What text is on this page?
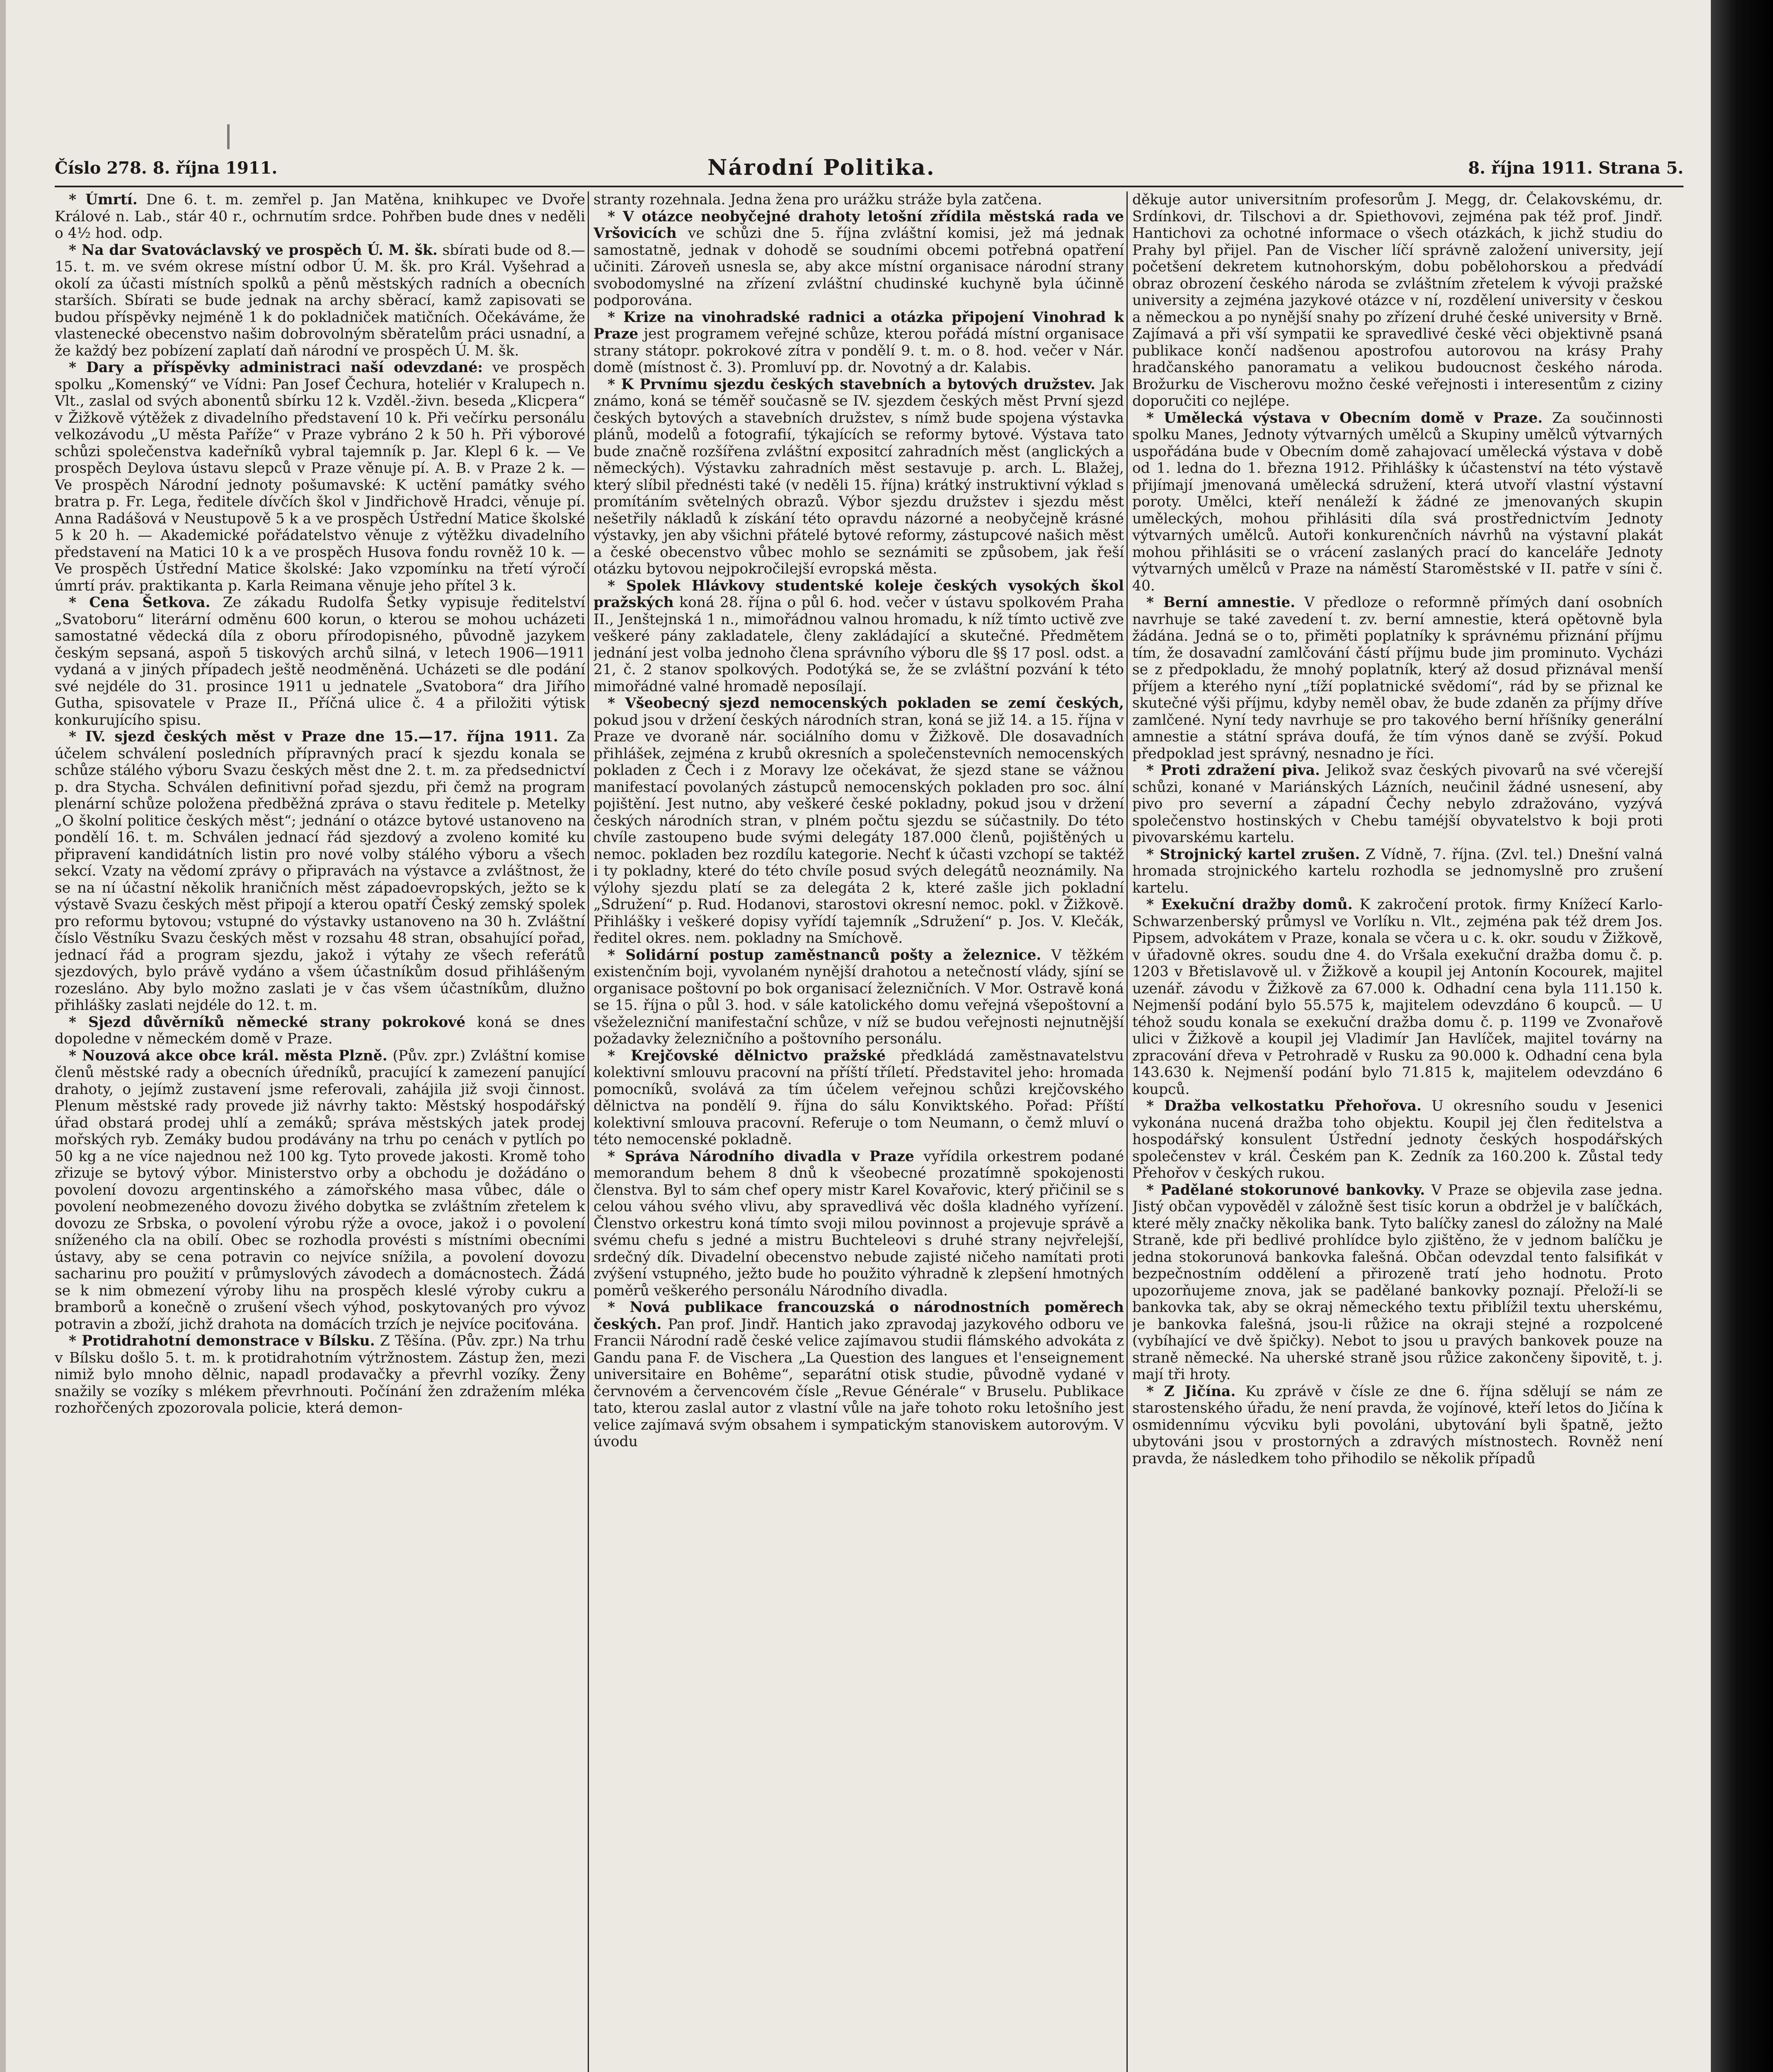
Číslo 278. 8. října 1911.	Národní Politika.	8. října 1911. Strana 5.

* Úmrtí. Dne 6. t. m. zemřel p. Jan Matěna, knihkupec ve Dvoře Králové n. Lab., stár 40 r., ochrnutím srdce. Pohřben bude dnes v neděli o 4½ hod. odp.

* Na dar Svatováclavský ve prospěch Ú. M. šk. sbírati bude od 8.—15. t. m. ve svém okrese místní odbor Ú. M. šk. pro Král. Vyšehrad a okolí za účasti místních spolků a pěnů městských radních a obecních starších. Sbírati se bude jednak na archy sběrací, kamž zapisovati se budou příspěvky nejméně 1 k do pokladniček matičních. Očekáváme, že vlastenecké obecenstvo našim dobrovolným sběratelům práci usnadní, a že každý bez pobízení zaplatí daň národní ve prospěch Ú. M. šk.

* Dary a příspěvky administraci naší odevzdané: ve prospěch spolku „Komenský“ ve Vídni: Pan Josef Čechura, hoteliér v Kralupech n. Vlt., zaslal od svých abonentů sbírku 12 k. Vzděl.-živn. beseda „Klicpera“ v Žižkově výtěžek z divadelního představení 10 k. Při večírku personálu velkozávodu „U města Paříže“ v Praze vybráno 2 k 50 h. Při výborové schůzi společenstva kadeřníků vybral tajemník p. Jar. Klepl 6 k. — Ve prospěch Deylova ústavu slepců v Praze věnuje pí. A. B. v Praze 2 k. — Ve prospěch Národní jednoty pošumavské: K uctění památky svého bratra p. Fr. Lega, ředitele dívčích škol v Jindřichově Hradci, věnuje pí. Anna Radášová v Neustupově 5 k a ve prospěch Ústřední Matice školské 5 k 20 h. — Akademické pořádatelstvo věnuje z výtěžku divadelního představení na Matici 10 k a ve prospěch Husova fondu rovněž 10 k. — Ve prospěch Ústřední Matice školské: Jako vzpomínku na třetí výročí úmrtí práv. praktikanta p. Karla Reimana věnuje jeho přítel 3 k.

* Cena Šetkova. Ze zákadu Rudolfa Šetky vypisuje ředitelství „Svatoboru“ literární odměnu 600 korun, o kterou se mohou ucházeti samostatné vědecká díla z oboru přírodopisného, původně jazykem českým sepsaná, aspoň 5 tiskových archů silná, v letech 1906—1911 vydaná a v jiných případech ještě neodměněná. Ucházeti se dle podání své nejdéle do 31. prosince 1911 u jednatele „Svatobora“ dra Jiřího Gutha, spisovatele v Praze II., Příčná ulice č. 4 a přiložiti výtisk konkurujícího spisu.

* IV. sjezd českých měst v Praze dne 15.—17. října 1911. Za účelem schválení posledních přípravných prací k sjezdu konala se schůze stálého výboru Svazu českých měst dne 2. t. m. za předsednictví p. dra Stycha. Schválen definitivní pořad sjezdu, při čemž na program plenární schůze položena předběžná zpráva o stavu ředitele p. Metelky „O školní politice českých měst“; jednání o otázce bytové ustanoveno na pondělí 16. t. m. Schválen jednací řád sjezdový a zvoleno komité ku připravení kandidátních listin pro nové volby stálého výboru a všech sekcí. Vzaty na vědomí zprávy o připravách na výstavce a zvláštnost, že se na ní účastní několik hraničních měst západoevropských, ježto se k výstavě Svazu českých měst připojí a kterou opatří Český zemský spolek pro reformu bytovou; vstupné do výstavky ustanoveno na 30 h. Zvláštní číslo Věstníku Svazu českých měst v rozsahu 48 stran, obsahující pořad, jednací řád a program sjezdu, jakož i výtahy ze všech referátů sjezdových, bylo právě vydáno a všem účastníkům dosud přihlášeným rozesláno. Aby bylo možno zaslati je v čas všem účastníkům, dlužno přihlášky zaslati nejdéle do 12. t. m.

* Sjezd důvěrníků německé strany pokrokové koná se dnes dopoledne v německém domě v Praze.

* Nouzová akce obce král. města Plzně. (Pův. zpr.) Zvláštní komise členů městské rady a obecních úředníků, pracující k zamezení panující drahoty, o jejímž zustavení jsme referovali, zahájila již svoji činnost. Plenum městské rady provede již návrhy takto: Městský hospodářský úřad obstará prodej uhlí a zemáků; správa městských jatek prodej mořských ryb. Zemáky budou prodávány na trhu po cenách v pytlích po 50 kg a ne více najednou než 100 kg. Tyto provede jakosti. Kromě toho zřizuje se bytový výbor. Ministerstvo orby a obchodu je dožádáno o povolení dovozu argentinského a zámořského masa vůbec, dále o povolení neobmezeného dovozu živého dobytka se zvláštním zřetelem k dovozu ze Srbska, o povolení výrobu rýže a ovoce, jakož i o povolení sníženého cla na obilí. Obec se rozhodla provésti s místními obecními ústavy, aby se cena potravin co nejvíce snížila, a povolení dovozu sacharinu pro použití v průmyslových závodech a domácnostech. Žádá se k nim obmezení výroby lihu na prospěch kleslé výroby cukru a bramborů a konečně o zrušení všech výhod, poskytovaných pro vývoz potravin a zboží, jichž drahota na domácích trzích je nejvíce pociťována.

* Protidrahotní demonstrace v Bílsku. Z Těšína. (Pův. zpr.) Na trhu v Bílsku došlo 5. t. m. k protidrahotním výtržnostem. Zástup žen, mezi nimiž bylo mnoho dělnic, napadl prodavačky a převrhl vozíky. Ženy snažily se vozíky s mlékem převrhnouti. Počínání žen zdražením mléka rozhořčených zpozorovala policie, která demon-

stranty rozehnala. Jedna žena pro urážku stráže byla zatčena.

* V otázce neobyčejné drahoty letošní zřídila městská rada ve Vršovicích ve schůzi dne 5. října zvláštní komisi, jež má jednak samostatně, jednak v dohodě se soudními obcemi potřebná opatření učiniti. Zároveň usnesla se, aby akce místní organisace národní strany svobodomyslné na zřízení zvláštní chudinské kuchyně byla účinně podporována.

* Krize na vinohradské radnici a otázka připojení Vinohrad k Praze jest programem veřejné schůze, kterou pořádá místní organisace strany státopr. pokrokové zítra v pondělí 9. t. m. o 8. hod. večer v Nár. domě (místnost č. 3). Promluví pp. dr. Novotný a dr. Kalabis.

* K Prvnímu sjezdu českých stavebních a bytových družstev. Jak známo, koná se téměř současně se IV. sjezdem českých měst První sjezd českých bytových a stavebních družstev, s nímž bude spojena výstavka plánů, modelů a fotografií, týkajících se reformy bytové. Výstava tato bude značně rozšířena zvláštní expositcí zahradních měst (anglických a německých). Výstavku zahradních měst sestavuje p. arch. L. Blažej, který slíbil přednésti také (v neděli 15. října) krátký instruktivní výklad s promítáním světelných obrazů. Výbor sjezdu družstev i sjezdu měst nešetřily nákladů k získání této opravdu názorné a neobyčejně krásné výstavky, jen aby všichni přátelé bytové reformy, zástupcové našich měst a české obecenstvo vůbec mohlo se seznámiti se způsobem, jak řeší otázku bytovou nejpokročilejší evropská města.

* Spolek Hlávkovy studentské koleje českých vysokých škol pražských koná 28. října o půl 6. hod. večer v ústavu spolkovém Praha II., Jenštejnská 1 n., mimořádnou valnou hromadu, k níž tímto uctivě zve veškeré pány zakladatele, členy zakládající a skutečné. Předmětem jednání jest volba jednoho člena správního výboru dle §§ 17 posl. odst. a 21, č. 2 stanov spolkových. Podotýká se, že se zvláštní pozvání k této mimořádné valné hromadě neposílají.

* Všeobecný sjezd nemocenských pokladen se zemí českých, pokud jsou v držení českých národních stran, koná se již 14. a 15. října v Praze ve dvoraně nár. sociálního domu v Žižkově. Dle dosavadních přihlášek, zejména z krubů okresních a společenstevních nemocenských pokladen z Čech i z Moravy lze očekávat, že sjezd stane se vážnou manifestací povolaných zástupců nemocenských pokladen pro soc. ální pojištění. Jest nutno, aby veškeré české pokladny, pokud jsou v držení českých národních stran, v plném počtu sjezdu se súčastnily. Do této chvíle zastoupeno bude svými delegáty 187.000 členů, pojištěných u nemoc. pokladen bez rozdílu kategorie. Nechť k účasti vzchopí se taktéž i ty pokladny, které do této chvíle posud svých delegátů neoznámily. Na výlohy sjezdu platí se za delegáta 2 k, které zašle jich pokladní „Sdružení“ p. Rud. Hodanovi, starostovi okresní nemoc. pokl. v Žižkově. Přihlášky i veškeré dopisy vyřídí tajemník „Sdružení“ p. Jos. V. Klečák, ředitel okres. nem. pokladny na Smíchově.

* Solidární postup zaměstnanců pošty a železnice. V těžkém existenčním boji, vyvolaném nynější drahotou a netečností vlády, sjíní se organisace poštovní po bok organisací železničních. V Mor. Ostravě koná se 15. října o půl 3. hod. v sále katolického domu veřejná všepoštovní a všeželezniční manifestační schůze, v níž se budou veřejnosti nejnutnější požadavky železničního a poštovního personálu.

* Krejčovské dělnictvo pražské předkládá zaměstnavatelstvu kolektivní smlouvu pracovní na příští tříletí. Představitel jeho: hromada pomocníků, svolává za tím účelem veřejnou schůzi krejčovského dělnictva na pondělí 9. října do sálu Konviktského. Pořad: Příští kolektivní smlouva pracovní. Referuje o tom Neumann, o čemž mluví o této nemocenské pokladně.

* Správa Národního divadla v Praze vyřídila orkestrem podané memorandum behem 8 dnů k všeobecné prozatímně spokojenosti členstva. Byl to sám chef opery mistr Karel Kovařovic, který přičinil se s celou váhou svého vlivu, aby spravedlivá věc došla kladného vyřízení. Členstvo orkestru koná tímto svoji milou povinnost a projevuje správě a svému chefu s jedné a mistru Buchteleovi s druhé strany nejvřelejší, srdečný dík. Divadelní obecenstvo nebude zajisté ničeho namítati proti zvýšení vstupného, ježto bude ho použito výhradně k zlepšení hmotných poměrů veškerého personálu Národního divadla.

* Nová publikace francouzská o národnostních poměrech českých. Pan prof. Jindř. Hantich jako zpravodaj jazykového odboru ve Francii Národní radě české velice zajímavou studii flámského advokáta z Gandu pana F. de Vischera „La Question des langues et l'enseignement universitaire en Bohême“, separátní otisk studie, původně vydané v červnovém a červencovém čísle „Revue Générale“ v Bruselu. Publikace tato, kterou zaslal autor z vlastní vůle na jaře tohoto roku letošního jest velice zajímavá svým obsahem i sympatickým stanoviskem autorovým. V úvodu

děkuje autor universitním profesorům J. Megg, dr. Čelakovskému, dr. Srdínkovi, dr. Tilschovi a dr. Spiethovovi, zejména pak též prof. Jindř. Hantichovi za ochotné informace o všech otázkách, k jichž studiu do Prahy byl přijel. Pan de Vischer líčí správně založení university, její početšení dekretem kutnohorským, dobu pobělohorskou a předvádí obraz obrození českého národa se zvláštním zřetelem k vývoji pražské university a zejména jazykové otázce v ní, rozdělení university v českou a německou a po nynější snahy po zřízení druhé české university v Brně. Zajímavá a při vší sympatii ke spravedlivé české věci objektivně psaná publikace končí nadšenou apostrofou autorovou na krásy Prahy hradčanského panoramatu a velikou budoucnost českého národa. Brožurku de Vischerovu možno české veřejnosti i interesentům z ciziny doporučiti co nejlépe.

* Umělecká výstava v Obecním domě v Praze. Za součinnosti spolku Manes, Jednoty výtvarných umělců a Skupiny umělců výtvarných uspořádána bude v Obecním domě zahajovací umělecká výstava v době od 1. ledna do 1. března 1912. Přihlášky k účastenství na této výstavě přijímají jmenovaná umělecká sdružení, která utvoří vlastní výstavní poroty. Umělci, kteří nenáleží k žádné ze jmenovaných skupin uměleckých, mohou přihlásiti díla svá prostřednictvím Jednoty výtvarných umělců. Autoři konkurenčních návrhů na výstavní plakát mohou přihlásiti se o vrácení zaslaných prací do kanceláře Jednoty výtvarných umělců v Praze na náměstí Staroměstské v II. patře v síni č. 40.

* Berní amnestie. V předloze o reformně přímých daní osobních navrhuje se také zavedení t. zv. berní amnestie, která opětovně byla žádána. Jedná se o to, přiměti poplatníky k správnému přiznání příjmu tím, že dosavadní zamlčování částí příjmu bude jim prominuto. Vycházi se z předpokladu, že mnohý poplatník, který až dosud přiznával menší příjem a kterého nyní „tíží poplatnické svědomí“, rád by se přiznal ke skutečné výši příjmu, kdyby neměl obav, že bude zdaněn za příjmy dříve zamlčené. Nyní tedy navrhuje se pro takového berní hříšníky generální amnestie a státní správa doufá, že tím výnos daně se zvýší. Pokud předpoklad jest správný, nesnadno je říci.

* Proti zdražení piva. Jelikož svaz českých pivovarů na své včerejší schůzi, konané v Mariánských Lázních, neučinil žádné usnesení, aby pivo pro severní a západní Čechy nebylo zdražováno, vyzývá společenstvo hostinských v Chebu taméjší obyvatelstvo k boji proti pivovarskému kartelu.

* Strojnický kartel zrušen. Z Vídně, 7. října. (Zvl. tel.) Dnešní valná hromada strojnického kartelu rozhodla se jednomyslně pro zrušení kartelu.

* Exekuční dražby domů. K zakročení protok. firmy Knížecí Karlo-Schwarzenberský průmysl ve Vorlíku n. Vlt., zejména pak též drem Jos. Pipsem, advokátem v Praze, konala se včera u c. k. okr. soudu v Žižkově, v úřadovně okres. soudu dne 4. do Vršala exekuční dražba domu č. p. 1203 v Břetislavově ul. v Žižkově a koupil jej Antonín Kocourek, majitel uzenář. závodu v Žižkově za 67.000 k. Odhadní cena byla 111.150 k. Nejmenší podání bylo 55.575 k, majitelem odevzdáno 6 koupců. — U téhož soudu konala se exekuční dražba domu č. p. 1199 ve Zvonařově ulici v Žižkově a koupil jej Vladimír Jan Havlíček, majitel továrny na zpracování dřeva v Petrohradě v Rusku za 90.000 k. Odhadní cena byla 143.630 k. Nejmenší podání bylo 71.815 k, majitelem odevzdáno 6 koupců.

* Dražba velkostatku Přehořova. U okresního soudu v Jesenici vykonána nucená dražba toho objektu. Koupil jej člen ředitelstva a hospodářský konsulent Ústřední jednoty českých hospodářských společenstev v král. Českém pan K. Zedník za 160.200 k. Zůstal tedy Přehořov v českých rukou.

* Padělané stokorunové bankovky. V Praze se objevila zase jedna. Jistý občan vypověděl v záložně šest tisíc korun a obdržel je v balíčkách, které měly značky několika bank. Tyto balíčky zanesl do záložny na Malé Straně, kde při bedlivé prohlídce bylo zjištěno, že v jednom balíčku je jedna stokorunová bankovka falešná. Občan odevzdal tento falsifikát v bezpečnostním oddělení a přirozeně tratí jeho hodnotu. Proto upozorňujeme znova, jak se padělané bankovky poznají. Přeloží-li se bankovka tak, aby se okraj německého textu přiblížil textu uherskému, je bankovka falešná, jsou-li růžice na okraji stejné a rozpolcené (vybíhající ve dvě špičky). Nebot to jsou u pravých bankovek pouze na straně německé. Na uherské straně jsou růžice zakončeny šipovitě, t. j. mají tři hroty.

* Z Jičína. Ku zprávě v čísle ze dne 6. října sdělují se nám ze starostenského úřadu, že není pravda, že vojínové, kteří letos do Jičína k osmidennímu výcviku byli povoláni, ubytování byli špatně, ježto ubytováni jsou v prostorných a zdravých místnostech. Rovněž není pravda, že následkem toho přihodilo se několik případů
